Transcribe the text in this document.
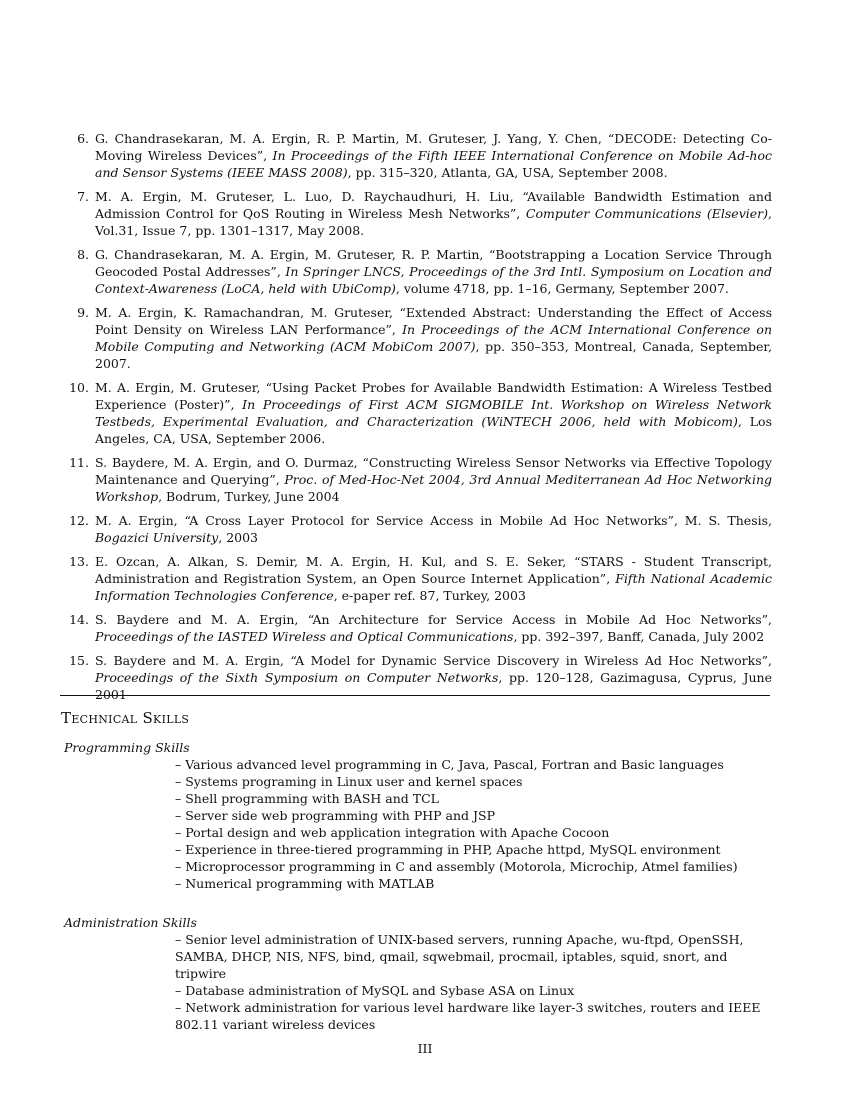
6. G. Chandrasekaran, M. A. Ergin, R. P. Martin, M. Gruteser, J. Yang, Y. Chen, “DECODE: Detecting Co-Moving Wireless Devices”, In Proceedings of the Fifth IEEE International Conference on Mobile Ad-hoc and Sensor Systems (IEEE MASS 2008), pp. 315–320, Atlanta, GA, USA, September 2008.
7. M. A. Ergin, M. Gruteser, L. Luo, D. Raychaudhuri, H. Liu, “Available Bandwidth Estimation and Admission Control for QoS Routing in Wireless Mesh Networks”, Computer Communications (Elsevier), Vol.31, Issue 7, pp. 1301–1317, May 2008.
8. G. Chandrasekaran, M. A. Ergin, M. Gruteser, R. P. Martin, “Bootstrapping a Location Service Through Geocoded Postal Addresses”, In Springer LNCS, Proceedings of the 3rd Intl. Symposium on Location and Context-Awareness (LoCA, held with UbiComp), volume 4718, pp. 1–16, Germany, September 2007.
9. M. A. Ergin, K. Ramachandran, M. Gruteser, “Extended Abstract: Understanding the Effect of Access Point Density on Wireless LAN Performance”, In Proceedings of the ACM International Conference on Mobile Computing and Networking (ACM MobiCom 2007), pp. 350–353, Montreal, Canada, September, 2007.
10. M. A. Ergin, M. Gruteser, “Using Packet Probes for Available Bandwidth Estimation: A Wireless Testbed Experience (Poster)”, In Proceedings of First ACM SIGMOBILE Int. Workshop on Wireless Network Testbeds, Experimental Evaluation, and Characterization (WiNTECH 2006, held with Mobicom), Los Angeles, CA, USA, September 2006.
11. S. Baydere, M. A. Ergin, and O. Durmaz, “Constructing Wireless Sensor Networks via Effective Topology Maintenance and Querying”, Proc. of Med-Hoc-Net 2004, 3rd Annual Mediterranean Ad Hoc Networking Workshop, Bodrum, Turkey, June 2004
12. M. A. Ergin, “A Cross Layer Protocol for Service Access in Mobile Ad Hoc Networks”, M. S. Thesis, Bogazici University, 2003
13. E. Ozcan, A. Alkan, S. Demir, M. A. Ergin, H. Kul, and S. E. Seker, “STARS - Student Transcript, Administration and Registration System, an Open Source Internet Application”, Fifth National Academic Information Technologies Conference, e-paper ref. 87, Turkey, 2003
14. S. Baydere and M. A. Ergin, “An Architecture for Service Access in Mobile Ad Hoc Networks”, Proceedings of the IASTED Wireless and Optical Communications, pp. 392–397, Banff, Canada, July 2002
15. S. Baydere and M. A. Ergin, “A Model for Dynamic Service Discovery in Wireless Ad Hoc Networks”, Proceedings of the Sixth Symposium on Computer Networks, pp. 120–128, Gazimagusa, Cyprus, June 2001
Technical Skills
Programming Skills
– Various advanced level programming in C, Java, Pascal, Fortran and Basic languages
– Systems programing in Linux user and kernel spaces
– Shell programming with BASH and TCL
– Server side web programming with PHP and JSP
– Portal design and web application integration with Apache Cocoon
– Experience in three-tiered programming in PHP, Apache httpd, MySQL environment
– Microprocessor programming in C and assembly (Motorola, Microchip, Atmel families)
– Numerical programming with MATLAB
Administration Skills
– Senior level administration of UNIX-based servers, running Apache, wu-ftpd, OpenSSH, SAMBA, DHCP, NIS, NFS, bind, qmail, sqwebmail, procmail, iptables, squid, snort, and tripwire
– Database administration of MySQL and Sybase ASA on Linux
– Network administration for various level hardware like layer-3 switches, routers and IEEE 802.11 variant wireless devices
III
